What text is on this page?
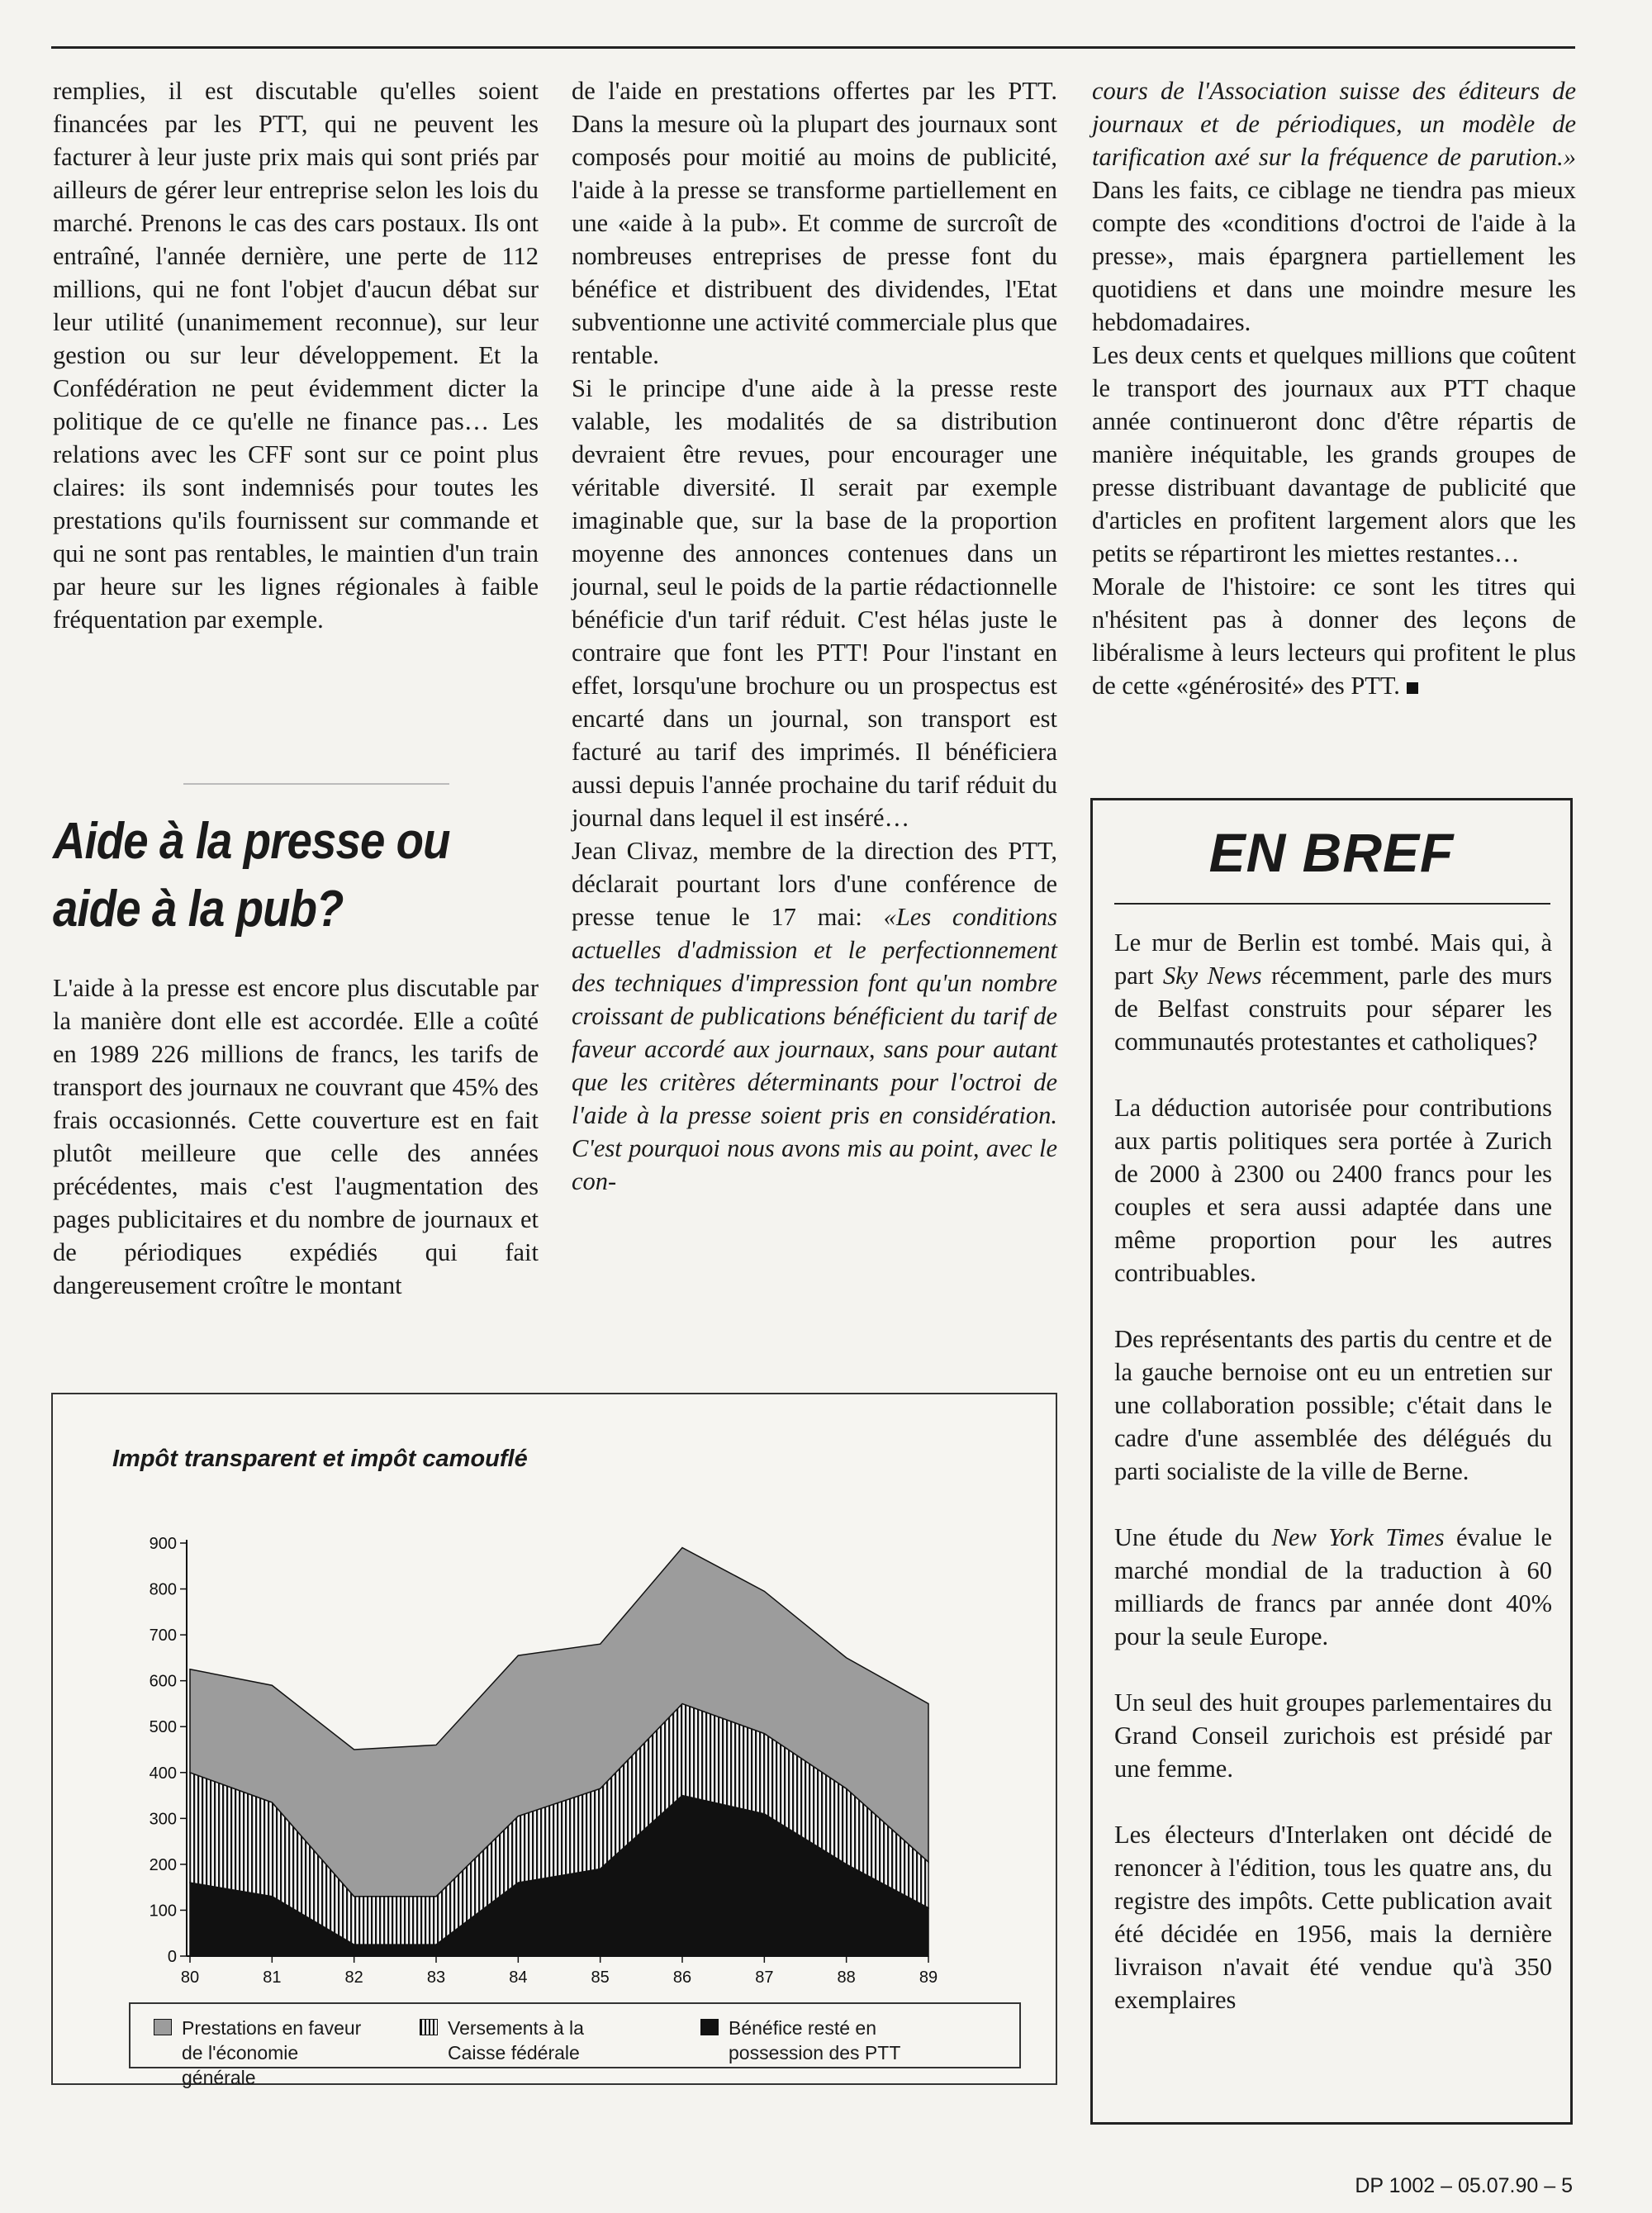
remplies, il est discutable qu'elles soient financées par les PTT, qui ne peuvent les facturer à leur juste prix mais qui sont priés par ailleurs de gérer leur entreprise selon les lois du marché. Prenons le cas des cars postaux. Ils ont entraîné, l'année dernière, une perte de 112 millions, qui ne font l'objet d'aucun débat sur leur utilité (unanimement reconnue), sur leur gestion ou sur leur développement. Et la Confédération ne peut évidemment dicter la politique de ce qu'elle ne finance pas… Les relations avec les CFF sont sur ce point plus claires: ils sont indemnisés pour toutes les prestations qu'ils fournissent sur commande et qui ne sont pas rentables, le maintien d'un train par heure sur les lignes régionales à faible fréquentation par exemple.

Aide à la presse ou
aide à la pub?

L'aide à la presse est encore plus discutable par la manière dont elle est accordée. Elle a coûté en 1989 226 millions de francs, les tarifs de transport des journaux ne couvrant que 45% des frais occasionnés. Cette couverture est en fait plutôt meilleure que celle des années précédentes, mais c'est l'augmentation des pages publicitaires et du nombre de journaux et de périodiques expédiés qui fait dangereusement croître le montant

de l'aide en prestations offertes par les PTT. Dans la mesure où la plupart des journaux sont composés pour moitié au moins de publicité, l'aide à la presse se transforme partiellement en une «aide à la pub». Et comme de surcroît de nombreuses entreprises de presse font du bénéfice et distribuent des dividendes, l'Etat subventionne une activité commerciale plus que rentable.

Si le principe d'une aide à la presse reste valable, les modalités de sa distribution devraient être revues, pour encourager une véritable diversité. Il serait par exemple imaginable que, sur la base de la proportion moyenne des annonces contenues dans un journal, seul le poids de la partie rédactionnelle bénéficie d'un tarif réduit. C'est hélas juste le contraire que font les PTT! Pour l'instant en effet, lorsqu'une brochure ou un prospectus est encarté dans un journal, son transport est facturé au tarif des imprimés. Il bénéficiera aussi depuis l'année prochaine du tarif réduit du journal dans lequel il est inséré…

Jean Clivaz, membre de la direction des PTT, déclarait pourtant lors d'une conférence de presse tenue le 17 mai: «Les conditions actuelles d'admission et le perfectionnement des techniques d'impression font qu'un nombre croissant de publications bénéficient du tarif de faveur accordé aux journaux, sans pour autant que les critères déterminants pour l'octroi de l'aide à la presse soient pris en considération. C'est pourquoi nous avons mis au point, avec le con-

cours de l'Association suisse des éditeurs de journaux et de périodiques, un modèle de tarification axé sur la fréquence de parution.» Dans les faits, ce ciblage ne tiendra pas mieux compte des «conditions d'octroi de l'aide à la presse», mais épargnera partiellement les quotidiens et dans une moindre mesure les hebdomadaires.

Les deux cents et quelques millions que coûtent le transport des journaux aux PTT chaque année continueront donc d'être répartis de manière inéquitable, les grands groupes de presse distribuant davantage de publicité que d'articles en profitent largement alors que les petits se répartiront les miettes restantes…

Morale de l'histoire: ce sont les titres qui n'hésitent pas à donner des leçons de libéralisme à leurs lecteurs qui profitent le plus de cette «générosité» des PTT.

EN BREF

Le mur de Berlin est tombé. Mais qui, à part Sky News récemment, parle des murs de Belfast construits pour séparer les communautés protestantes et catholiques?

La déduction autorisée pour contributions aux partis politiques sera portée à Zurich de 2000 à 2300 ou 2400 francs pour les couples et sera aussi adaptée dans une même proportion pour les autres contribuables.

Des représentants des partis du centre et de la gauche bernoise ont eu un entretien sur une collaboration possible; c'était dans le cadre d'une assemblée des délégués du parti socialiste de la ville de Berne.

Une étude du New York Times évalue le marché mondial de la traduction à 60 milliards de francs par année dont 40% pour la seule Europe.

Un seul des huit groupes parlementaires du Grand Conseil zurichois est présidé par une femme.

Les électeurs d'Interlaken ont décidé de renoncer à l'édition, tous les quatre ans, du registre des impôts. Cette publication avait été décidée en 1956, mais la dernière livraison n'avait été vendue qu'à 350 exemplaires

Impôt transparent et impôt camouflé
0
100
200
300
400
500
600
700
800
900
80	81	82	83	84	85	86	87	88	89
Prestations en faveur
de l'économie générale
Versements à la
Caisse fédérale
Bénéfice resté en
possession des PTT
DP 1002 – 05.07.90 – 5
